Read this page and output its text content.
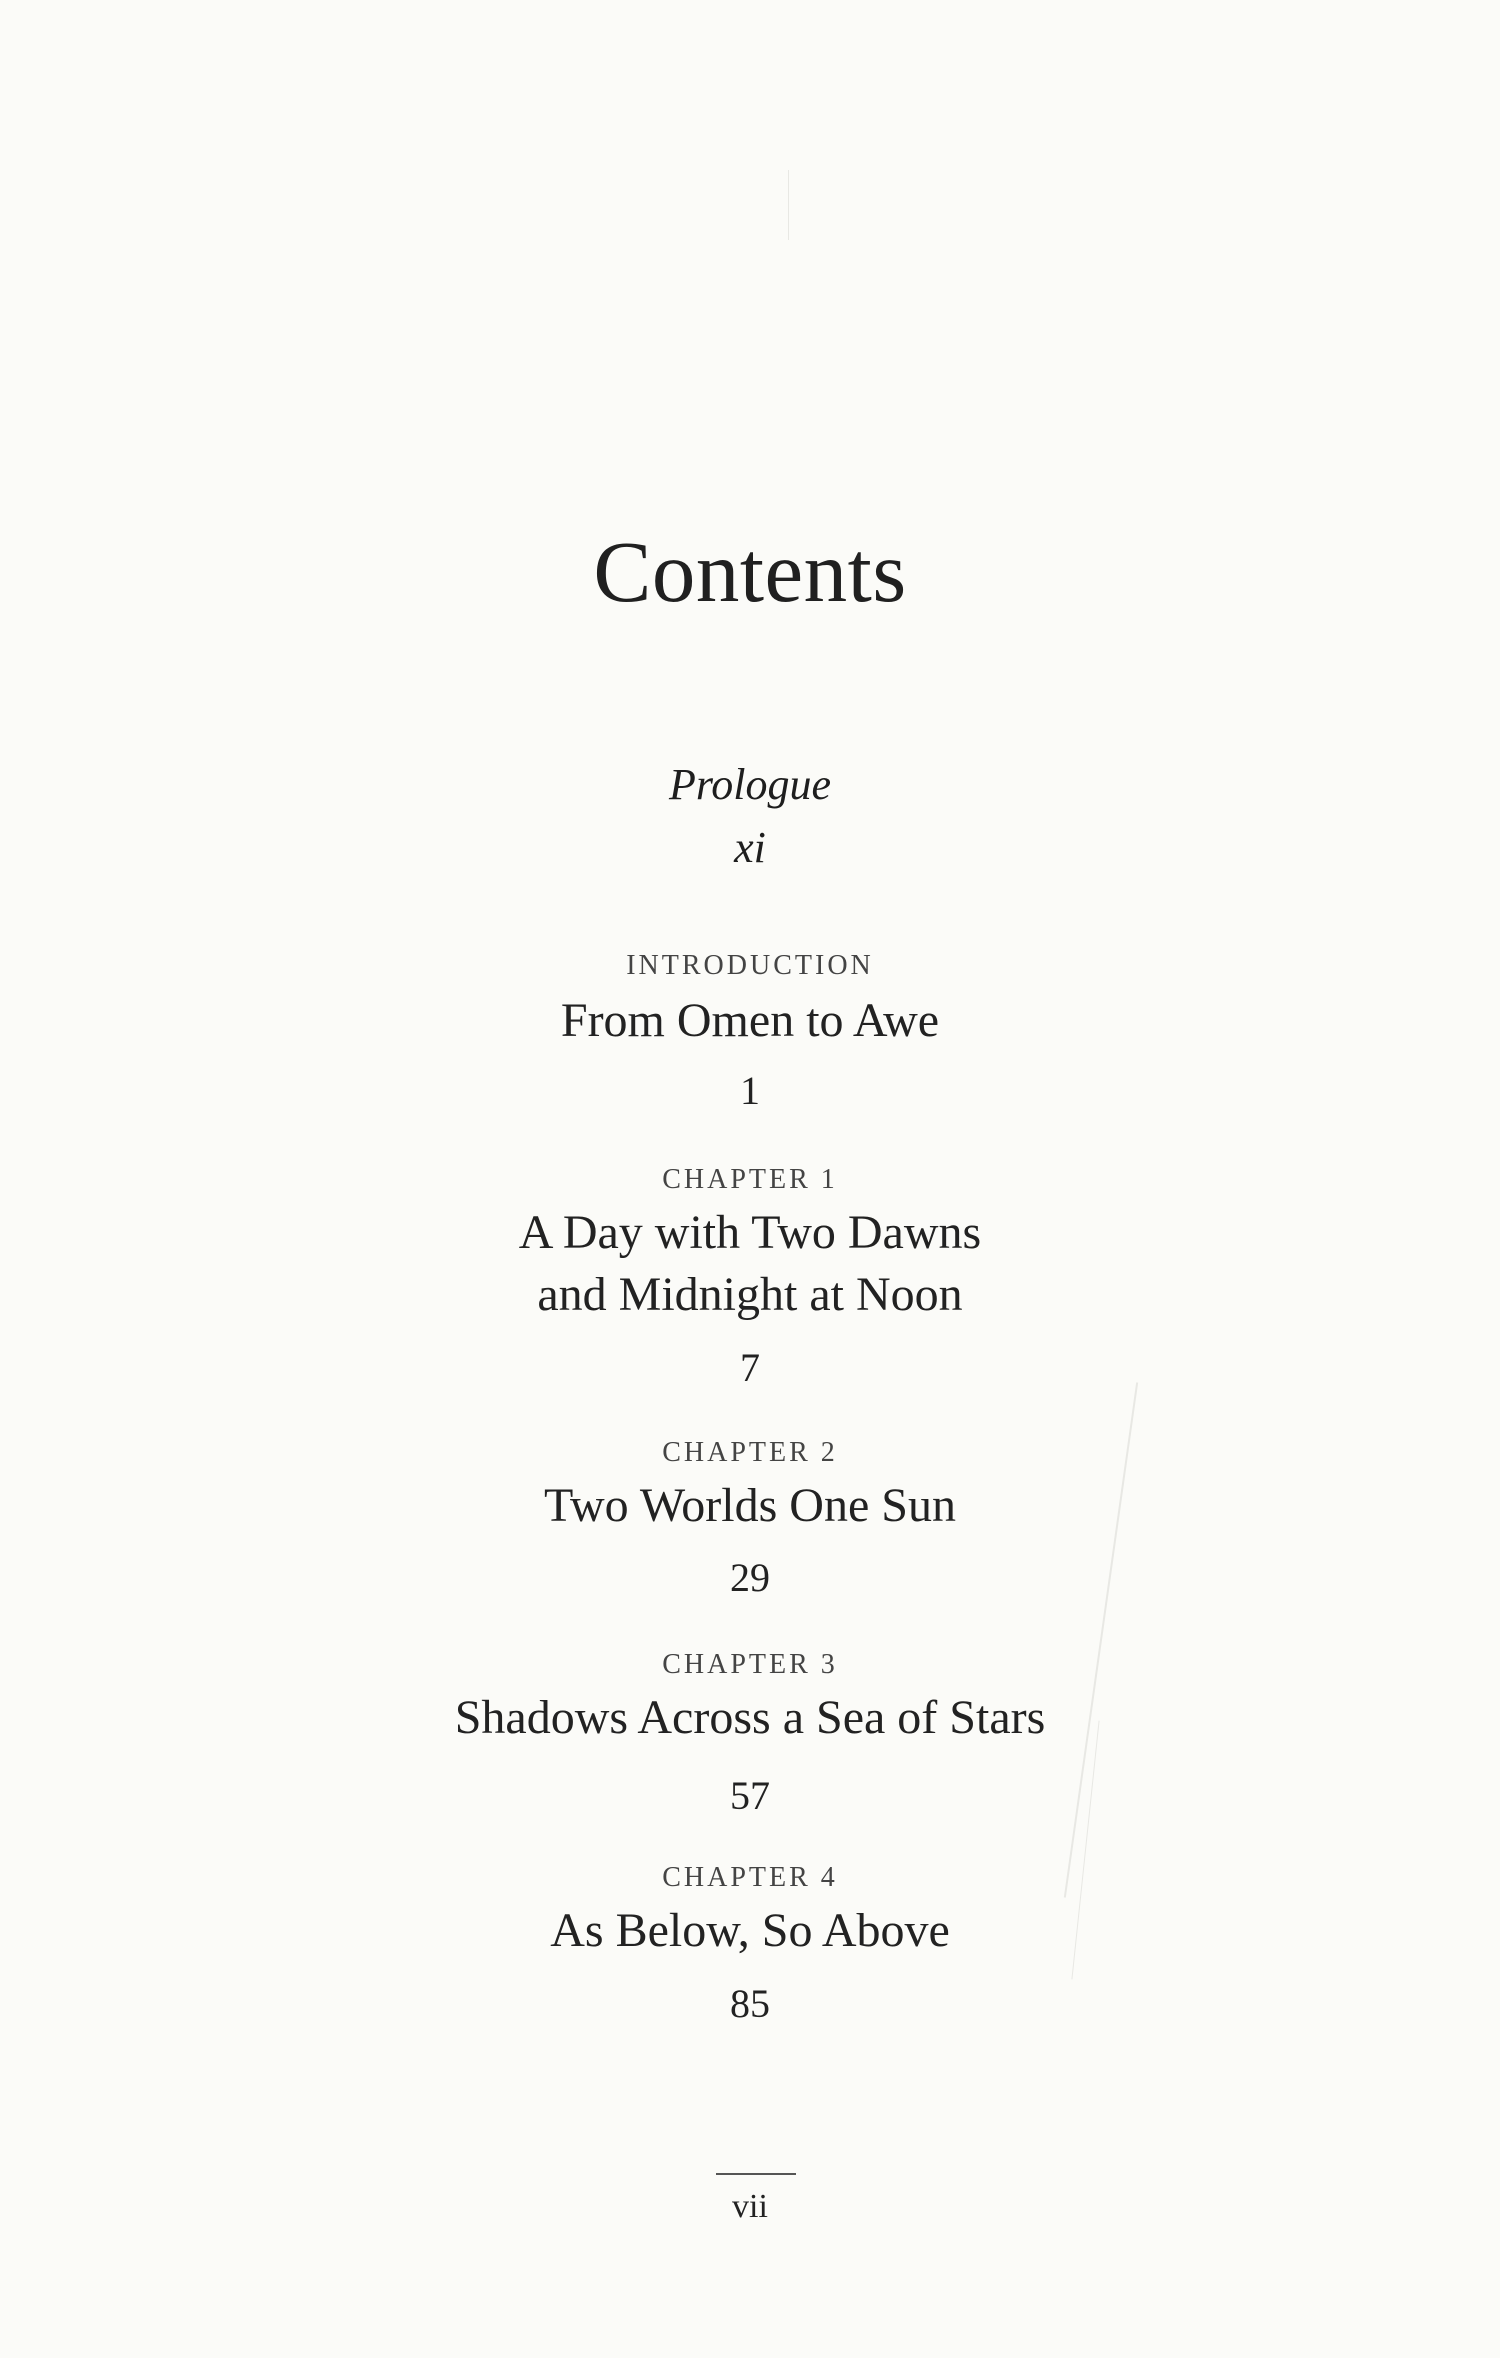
Contents
Prologue
xi
INTRODUCTION
From Omen to Awe
1
CHAPTER 1
A Day with Two Dawns
and Midnight at Noon
7
CHAPTER 2
Two Worlds One Sun
29
CHAPTER 3
Shadows Across a Sea of Stars
57
CHAPTER 4
As Below, So Above
85
vii
